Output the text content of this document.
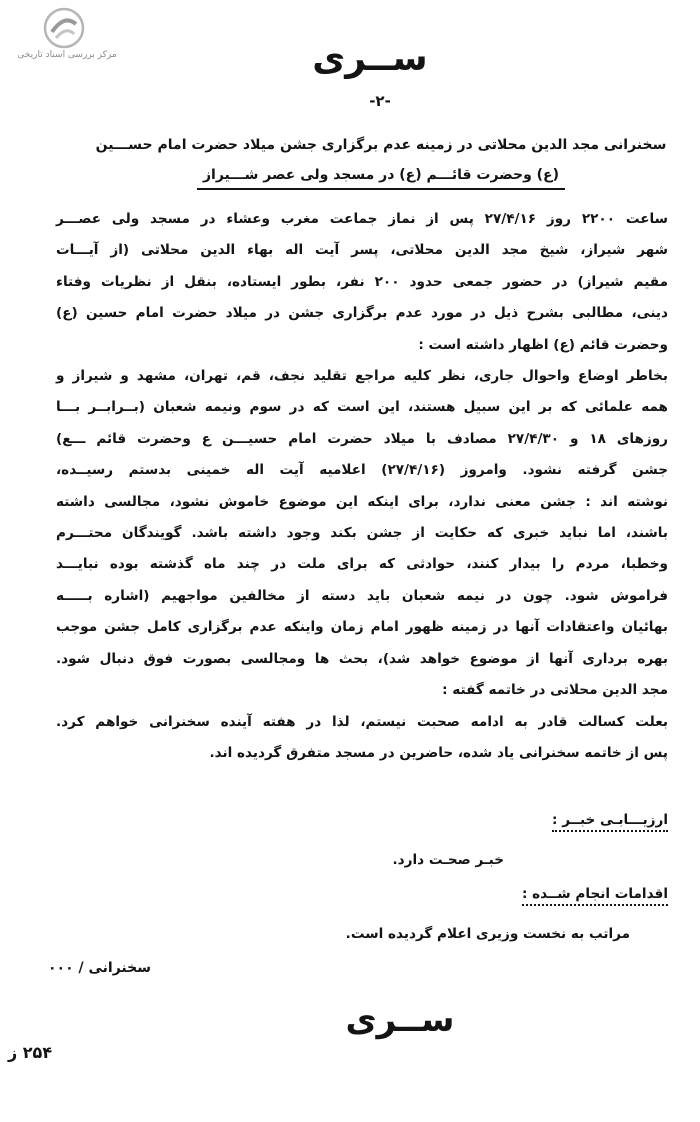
مرکز بررسی اسناد تاریخی	ســری
-۲-
سخنرانی مجد الدین محلاتی در زمینه عدم برگزاری جشن میلاد حضرت امام حســـین
(ع) وحضرت قائـــم (ع) در مسجد ولی عصر شـــیراز
ساعت ۲۲۰۰ روز ۲۷/۴/۱۶ پس از نماز جماعت مغرب وعشاء در مسجد ولی عصـــر
شهر شیراز، شیخ مجد الدین محلاتی، پسر آیت اله بهاء الدین محلاتی (از آیـــات
مقیم شیراز) در حضور جمعی حدود ۲۰۰ نفر، بطور ایستاده، بنقل از نظریات وفتاء
دینی، مطالبی بشرح ذیل در مورد عدم برگزاری جشن در میلاد حضرت امام حسین (ع)
وحضرت قائم (ع) اظهار داشته است :
بخاطر اوضاع واحوال جاری، نظر کلیه مراجع تقلید نجف، قم، تهران، مشهد و شیراز و
همه علمائی که بر این سبیل هستند، این است که در سوم ونیمه شعبان (بــرابــر بـــا
روزهای ۱۸ و ۲۷/۴/۳۰ مصادف با میلاد حضرت امام حسیـــن ع وحضرت قائم ـــع)
جشن گرفته نشود. وامروز (۲۷/۴/۱۶) اعلامیه آیت اله خمینی بدستم رسیــده،
نوشته اند : جشن معنی ندارد، برای اینکه این موضوع خاموش نشود، مجالسی داشته
باشند، اما نباید خبری که حکایت از جشن بکند وجود داشته باشد. گویندگان محتـــرم
وخطبا، مردم را بیدار کنند، حوادثی که برای ملت در چند ماه گذشته بوده نبایـــد
فراموش شود. چون در نیمه شعبان باید دسته از مخالفین مواجهیم (اشاره بـــــه
بهائیان واعتقادات آنها در زمینه ظهور امام زمان واینکه عدم برگزاری کامل جشن موجب
بهره برداری آنها از موضوع خواهد شد)، بحث ها ومجالسی بصورت فوق دنبال شود.
مجد الدین محلاتی در خاتمه گفته :
بعلت کسالت قادر به ادامه صحبت نیستم، لذا در هفته آینده سخنرانی خواهم کرد.
پس از خاتمه سخنرانی یاد شده، حاضرین در مسجد متفرق گردیده اند.
ارزیـــابـی خبــر :
خبـر صحـت دارد.
اقدامات انجام شــده :
مراتب به نخست وزیری اعلام گردیده است.
سخنرانی / ۰۰۰
ســری
۲۵۴ ز
